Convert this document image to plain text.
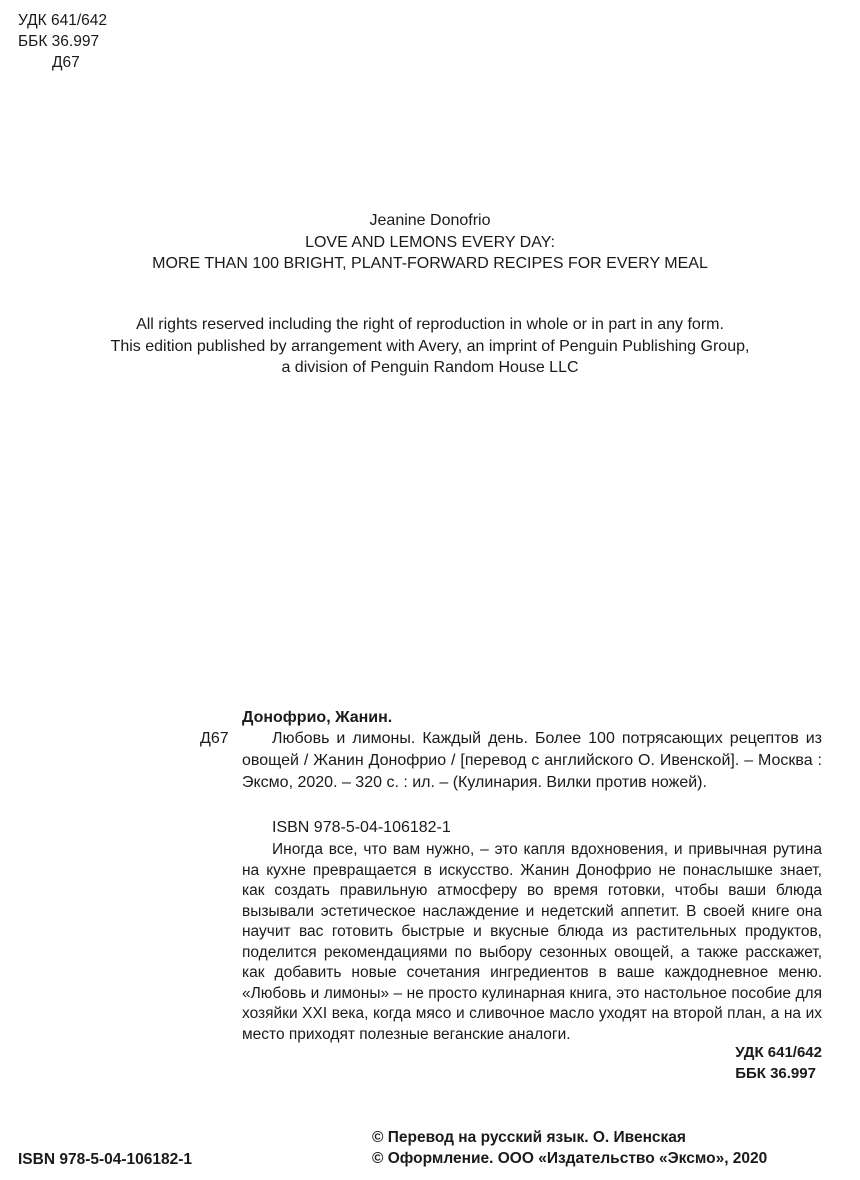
УДК 641/642
ББК 36.997
Д67
Jeanine Donofrio
LOVE AND LEMONS EVERY DAY:
MORE THAN 100 BRIGHT, PLANT-FORWARD RECIPES FOR EVERY MEAL
All rights reserved including the right of reproduction in whole or in part in any form.
This edition published by arrangement with Avery, an imprint of Penguin Publishing Group,
a division of Penguin Random House LLC
Донофрио, Жанин.
Д67	Любовь и лимоны. Каждый день. Более 100 потрясающих рецептов из овощей / Жанин Донофрио / [перевод с английского О. Ивенской]. – Москва : Эксмо, 2020. – 320 с. : ил. – (Кулинария. Вилки против ножей).
ISBN 978-5-04-106182-1
Иногда все, что вам нужно, – это капля вдохновения, и привычная рутина на кухне превращается в искусство. Жанин Донофрио не понаслышке знает, как создать правильную атмосферу во время готовки, чтобы ваши блюда вызывали эстетическое наслаждение и недетский аппетит. В своей книге она научит вас готовить быстрые и вкусные блюда из растительных продуктов, поделится рекомендациями по выбору сезонных овощей, а также расскажет, как добавить новые сочетания ингредиентов в ваше каждодневное меню. «Любовь и лимоны» – не просто кулинарная книга, это настольное пособие для хозяйки XXI века, когда мясо и сливочное масло уходят на второй план, а на их место приходят полезные веганские аналоги.
УДК 641/642
ББК 36.997
© Перевод на русский язык. О. Ивенская
© Оформление. ООО «Издательство «Эксмо», 2020
ISBN 978-5-04-106182-1
